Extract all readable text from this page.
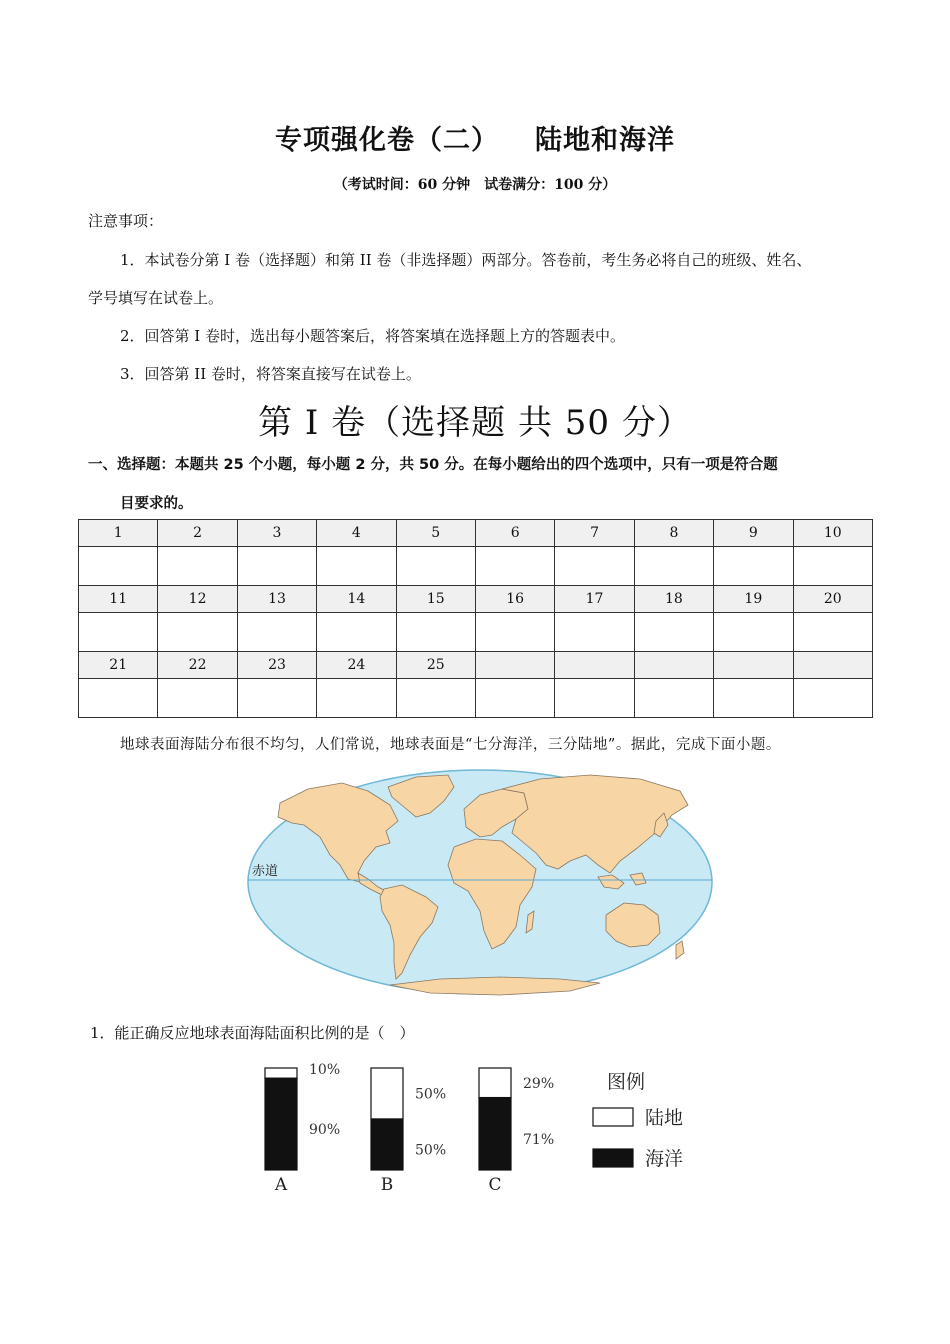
专项强化卷（二） 陆地和海洋
（考试时间：60 分钟　试卷满分：100 分）
注意事项：
1．本试卷分第 I 卷（选择题）和第 II 卷（非选择题）两部分。答卷前，考生务必将自己的班级、姓名、
学号填写在试卷上。
2．回答第 I 卷时，选出每小题答案后，将答案填在选择题上方的答题表中。
3．回答第 II 卷时，将答案直接写在试卷上。
第 I 卷（选择题 共 50 分）
一、选择题：本题共 25 个小题，每小题 2 分，共 50 分。在每小题给出的四个选项中，只有一项是符合题
目要求的。
1	2	3	4	5	6	7	8	9	10

11	12	13	14	15	16	17	18	19	20

21	22	23	24	25					

地球表面海陆分布很不均匀，人们常说，地球表面是“七分海洋，三分陆地”。据此，完成下面小题。
赤道
1．能正确反应地球表面海陆面积比例的是（　）
10%
90%
A
50%
50%
B
29%
71%
C
图例
陆地
海洋
